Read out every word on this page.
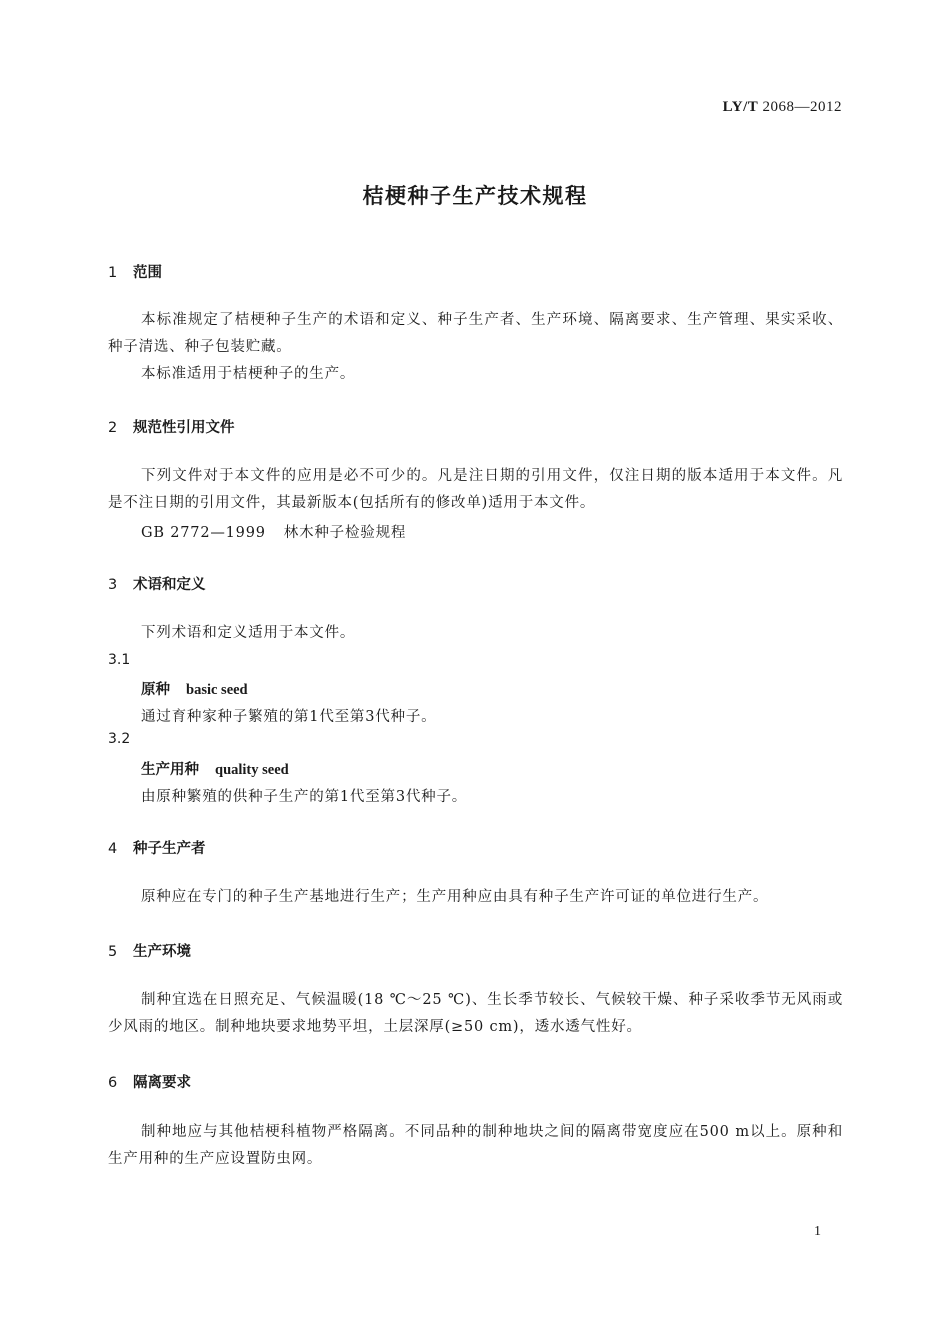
LY/T 2068—2012
桔梗种子生产技术规程
1 范围
本标准规定了桔梗种子生产的术语和定义、种子生产者、生产环境、隔离要求、生产管理、果实采收、种子清选、种子包装贮藏。
本标准适用于桔梗种子的生产。
2 规范性引用文件
下列文件对于本文件的应用是必不可少的。凡是注日期的引用文件，仅注日期的版本适用于本文件。凡是不注日期的引用文件，其最新版本(包括所有的修改单)适用于本文件。
GB 2772—1999 林木种子检验规程
3 术语和定义
下列术语和定义适用于本文件。
3.1
原种 basic seed
通过育种家种子繁殖的第1代至第3代种子。
3.2
生产用种 quality seed
由原种繁殖的供种子生产的第1代至第3代种子。
4 种子生产者
原种应在专门的种子生产基地进行生产；生产用种应由具有种子生产许可证的单位进行生产。
5 生产环境
制种宜选在日照充足、气候温暖(18 ℃～25 ℃)、生长季节较长、气候较干燥、种子采收季节无风雨或少风雨的地区。制种地块要求地势平坦，土层深厚(≥50 cm)，透水透气性好。
6 隔离要求
制种地应与其他桔梗科植物严格隔离。不同品种的制种地块之间的隔离带宽度应在500 m以上。原种和生产用种的生产应设置防虫网。
1
